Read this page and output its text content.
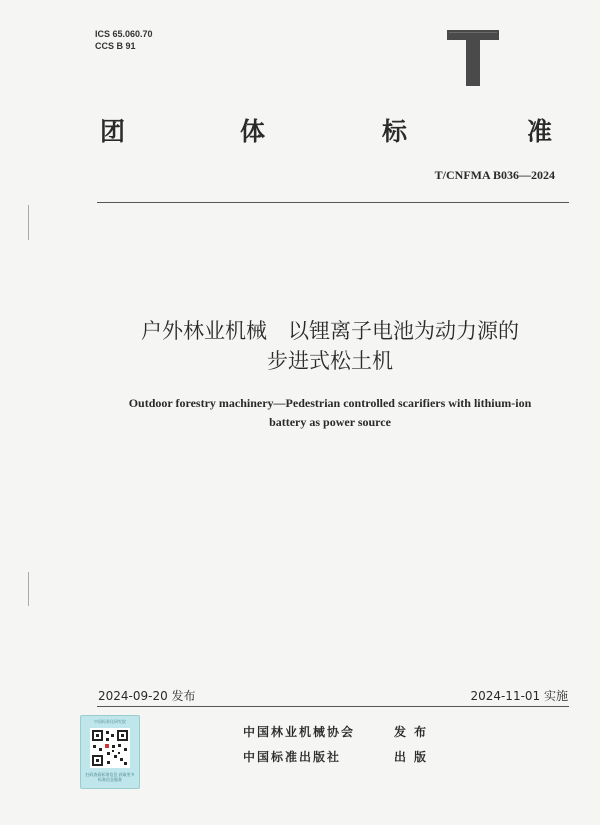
ICS 65.060.70
CCS B 91
团	体	标	准
T/CNFMA B036—2024
户外林业机械　以锂离子电池为动力源的
步进式松土机
Outdoor forestry machinery—Pedestrian controlled scarifiers with lithium-ion
battery as power source
2024-09-20 发布	2024-11-01 实施
中国标准化研究院
扫码查看标准信息 获取更多标准信息服务
中国林业机械协会	发布
中国标准出版社	出版
